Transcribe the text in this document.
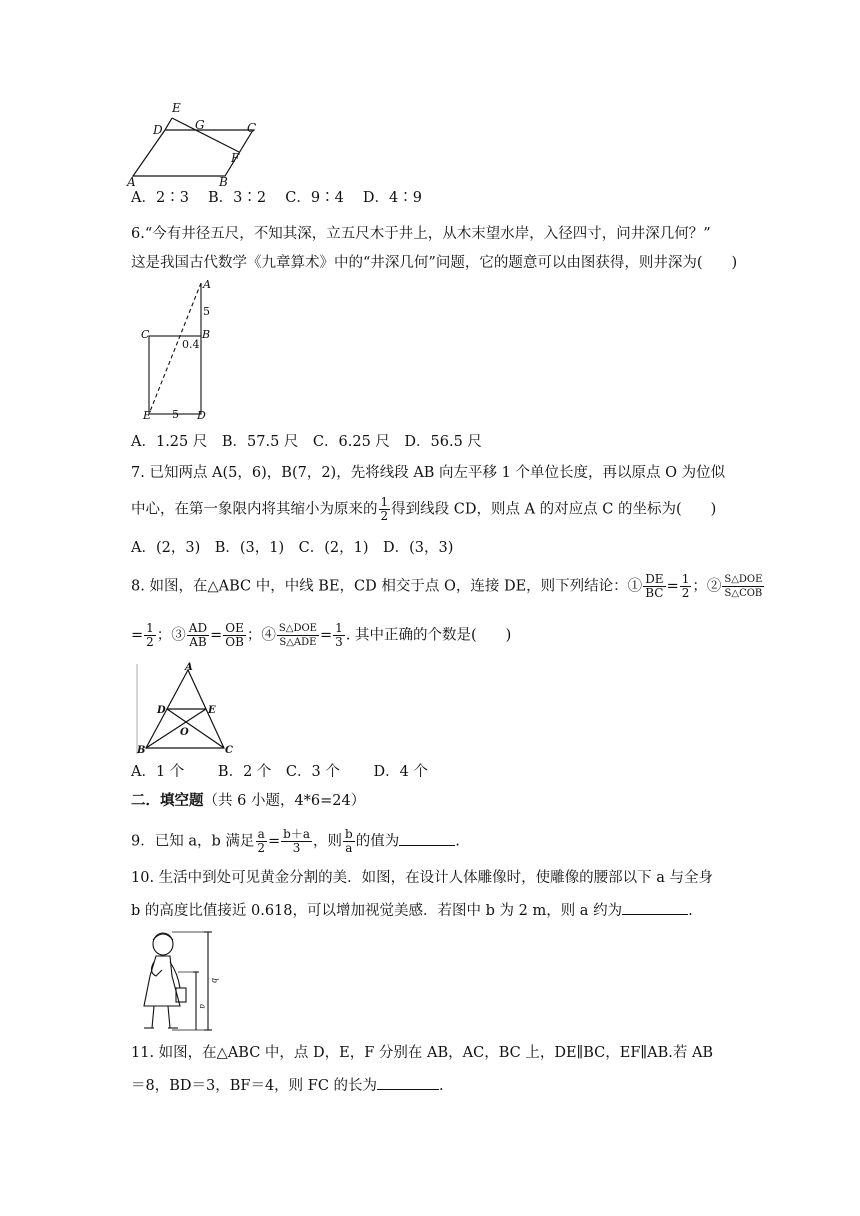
E
D	G	C
F
A	B
A．2∶3　 B．3∶2　 C．9∶4　 D．4∶9
6.“今有井径五尺，不知其深，立五尺木于井上，从木末望水岸，入径四寸，问井深几何？”
这是我国古代数学《九章算术》中的“井深几何”问题，它的题意可以由图获得，则井深为(　　)
A
5
C	B
0.4
E 5 D
A．1.25 尺　B．57.5 尺　C．6.25 尺　D．56.5 尺
7. 已知两点 A(5，6)，B(7，2)，先将线段 AB 向左平移 1 个单位长度，再以原点 O 为位似
中心，在第一象限内将其缩小为原来的 $\frac{1}{2}$ 得到线段 CD，则点 A 的对应点 C 的坐标为(　　)
A．(2，3)　B．(3，1)　C．(2，1)　D．(3，3)
8. 如图，在△ABC 中，中线 BE，CD 相交于点 O，连接 DE，则下列结论：① $\frac{DE}{BC} = \frac{1}{2}$ ；② $\frac{\text{S△DOE}}{\text{S△COB}}$
= $\frac{1}{2}$ ；③ $\frac{AD}{AB} = \frac{OE}{OB}$ ；④ $\frac{\text{S△DOE}}{\text{S△ADE}} = \frac{1}{3}$ . 其中正确的个数是(　　)
A
D	E
O
B	C
A．1 个　　 B．2 个　C．3 个　　 D．4 个
二．填空题（共 6 小题，4*6=24）
9．已知 a，b 满足 $\frac{a}{2} = \frac{b+a}{3}$ ，则 $\frac{b}{a}$ 的值为	.
10. 生活中到处可见黄金分割的美．如图，在设计人体雕像时，使雕像的腰部以下 a 与全身
b 的高度比值接近 0.618，可以增加视觉美感．若图中 b 为 2 m，则 a 约为	.
b
a
11. 如图，在△ABC 中，点 D，E，F 分别在 AB，AC，BC 上，DE∥BC，EF∥AB.若 AB
＝8，BD＝3，BF＝4，则 FC 的长为	.
